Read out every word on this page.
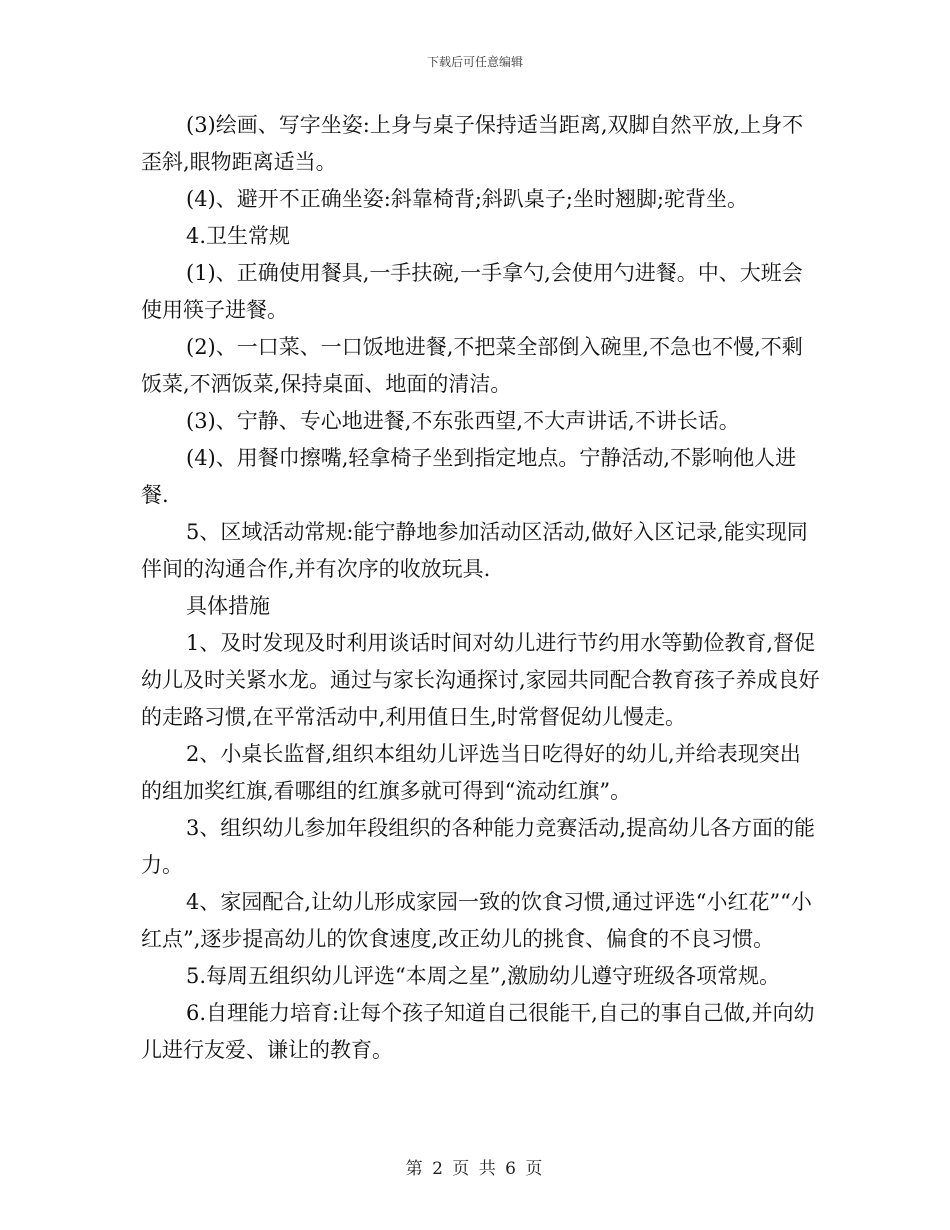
下载后可任意编辑

(3)绘画、写字坐姿:上身与桌子保持适当距离,双脚自然平放,上身不歪斜,眼物距离适当。

(4)、避开不正确坐姿:斜靠椅背;斜趴桌子;坐时翘脚;驼背坐。

4.卫生常规

(1)、正确使用餐具,一手扶碗,一手拿勺,会使用勺进餐。中、大班会使用筷子进餐。

(2)、一口菜、一口饭地进餐,不把菜全部倒入碗里,不急也不慢,不剩饭菜,不洒饭菜,保持桌面、地面的清洁。

(3)、宁静、专心地进餐,不东张西望,不大声讲话,不讲长话。

(4)、用餐巾擦嘴,轻拿椅子坐到指定地点。宁静活动,不影响他人进餐.

5、区域活动常规:能宁静地参加活动区活动,做好入区记录,能实现同伴间的沟通合作,并有次序的收放玩具.

具体措施

1、及时发现及时利用谈话时间对幼儿进行节约用水等勤俭教育,督促幼儿及时关紧水龙。通过与家长沟通探讨,家园共同配合教育孩子养成良好的走路习惯,在平常活动中,利用值日生,时常督促幼儿慢走。

2、小桌长监督,组织本组幼儿评选当日吃得好的幼儿,并给表现突出的组加奖红旗,看哪组的红旗多就可得到“流动红旗”。

3、组织幼儿参加年段组织的各种能力竞赛活动,提高幼儿各方面的能力。

4、家园配合,让幼儿形成家园一致的饮食习惯,通过评选“小红花”“小红点”,逐步提高幼儿的饮食速度,改正幼儿的挑食、偏食的不良习惯。

5.每周五组织幼儿评选“本周之星”,激励幼儿遵守班级各项常规。

6.自理能力培育:让每个孩子知道自己很能干,自己的事自己做,并向幼儿进行友爱、谦让的教育。

第 2 页 共 6 页
